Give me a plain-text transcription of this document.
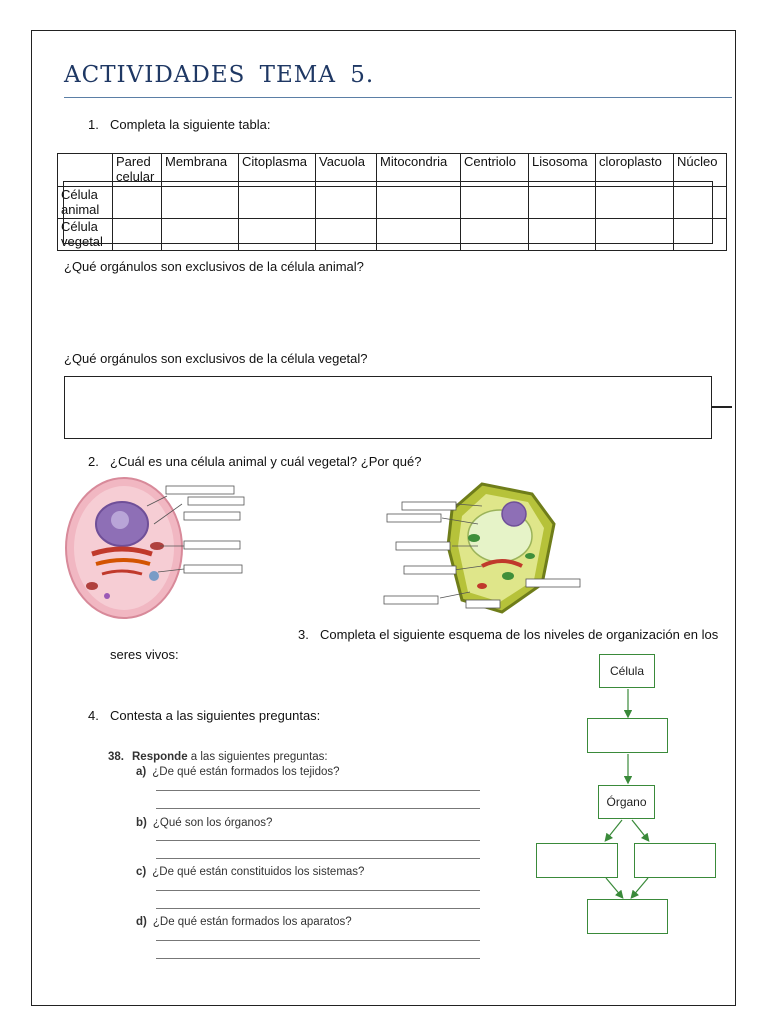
ACTIVIDADES TEMA 5.
1. Completa la siguiente tabla:
	Pared celular	Membrana	Citoplasma	Vacuola	Mitocondria	Centriolo	Lisosoma	cloroplasto	Núcleo
Célula animal									
Célula vegetal									
¿Qué orgánulos son exclusivos de la célula animal?
¿Qué orgánulos son exclusivos de la célula vegetal?
2. ¿Cuál es una célula animal y cuál vegetal? ¿Por qué?
3. Completa el siguiente esquema de los niveles de organización en los
seres vivos:
Célula
Órgano
4. Contesta a las siguientes preguntas:
38. Responde a las siguientes preguntas:
a) ¿De qué están formados los tejidos?
b) ¿Qué son los órganos?
c) ¿De qué están constituidos los sistemas?
d) ¿De qué están formados los aparatos?
